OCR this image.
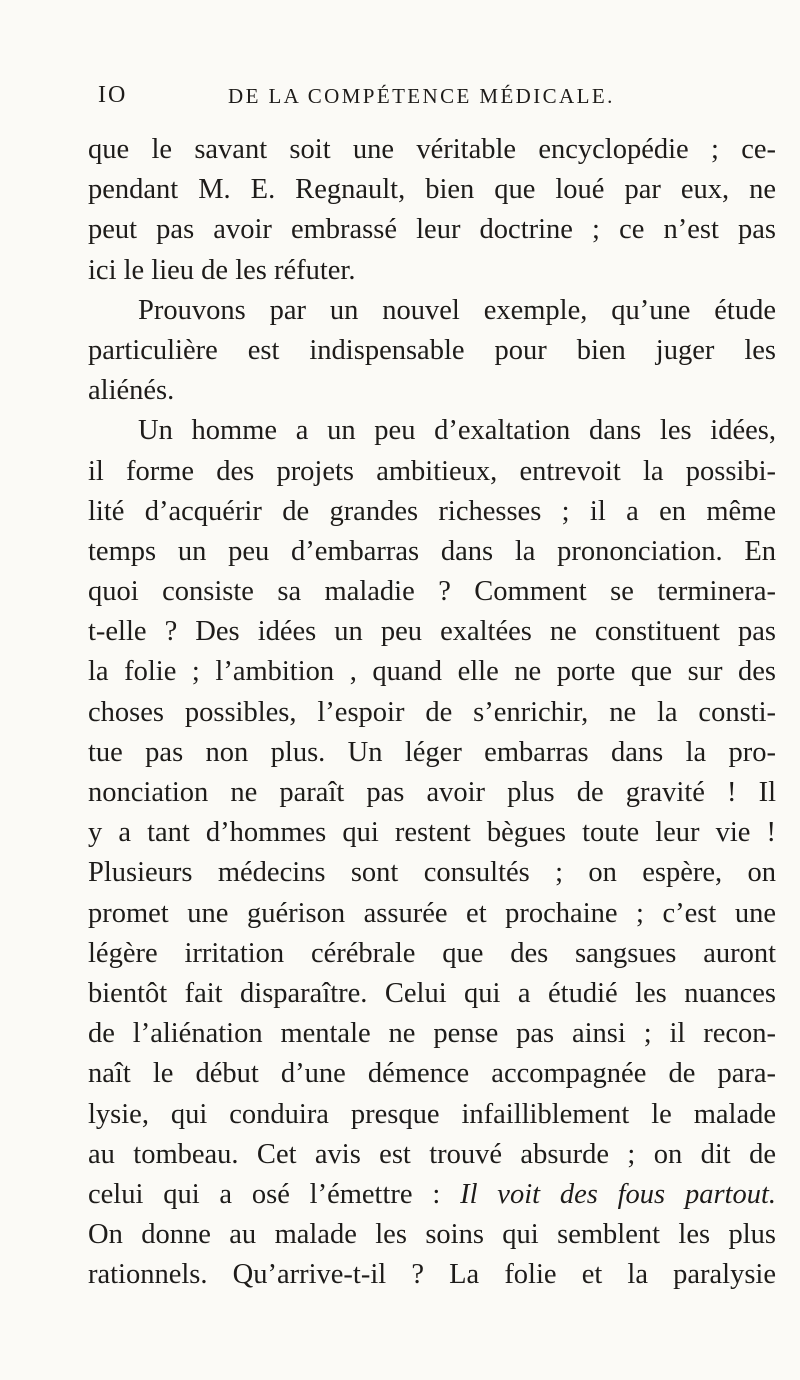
IO	DE LA COMPÉTENCE MÉDICALE.
que le savant soit une véritable encyclopédie ; ce-
pendant M. E. Regnault, bien que loué par eux, ne
peut pas avoir embrassé leur doctrine ; ce n’est pas
ici le lieu de les réfuter.
Prouvons par un nouvel exemple, qu’une étude
particulière est indispensable pour bien juger les
aliénés.
Un homme a un peu d’exaltation dans les idées,
il forme des projets ambitieux, entrevoit la possibi-
lité d’acquérir de grandes richesses ; il a en même
temps un peu d’embarras dans la prononciation. En
quoi consiste sa maladie ? Comment se terminera-
t-elle ? Des idées un peu exaltées ne constituent pas
la folie ; l’ambition , quand elle ne porte que sur des
choses possibles, l’espoir de s’enrichir, ne la consti-
tue pas non plus. Un léger embarras dans la pro-
nonciation ne paraît pas avoir plus de gravité ! Il
y a tant d’hommes qui restent bègues toute leur vie !
Plusieurs médecins sont consultés ; on espère, on
promet une guérison assurée et prochaine ; c’est une
légère irritation cérébrale que des sangsues auront
bientôt fait disparaître. Celui qui a étudié les nuances
de l’aliénation mentale ne pense pas ainsi ; il recon-
naît le début d’une démence accompagnée de para-
lysie, qui conduira presque infailliblement le malade
au tombeau. Cet avis est trouvé absurde ; on dit de
celui qui a osé l’émettre : Il voit des fous partout.
On donne au malade les soins qui semblent les plus
rationnels. Qu’arrive-t-il ? La folie et la paralysie
